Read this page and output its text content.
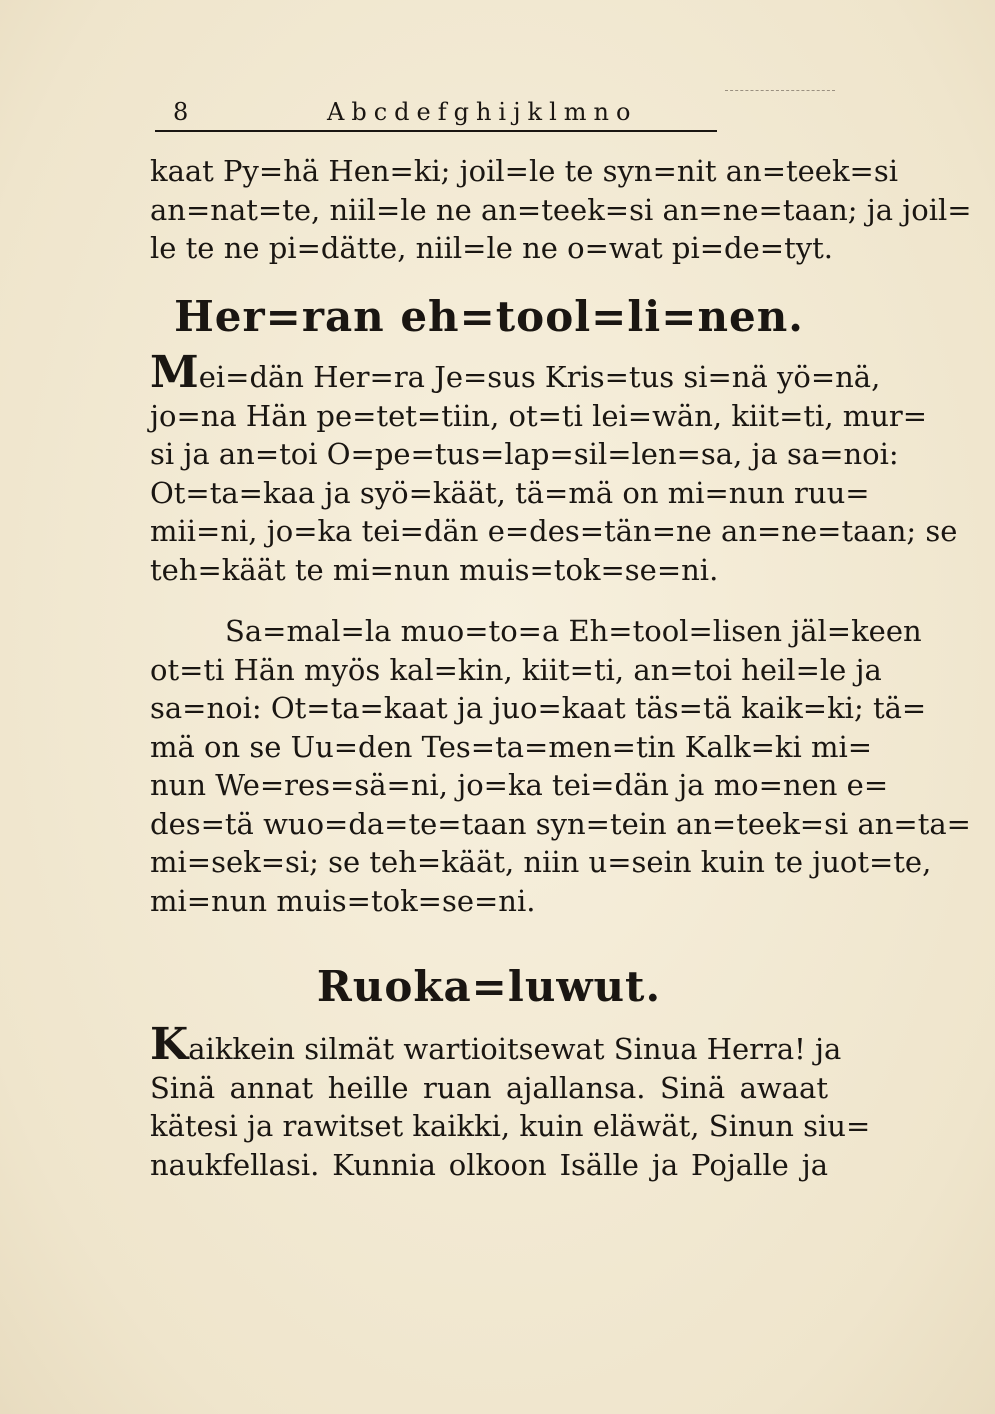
8	Abcdefghijklmno
kaat Py=hä Hen=ki; joil=le te syn=nit an=teek=si
an=nat=te, niil=le ne an=teek=si an=ne=taan; ja joil=
le te ne pi=dätte, niil=le ne o=wat pi=de=tyt.
Her=ran eh=tool=li=nen.
Mei=dän Her=ra Je=sus Kris=tus si=nä yö=nä,
jo=na Hän pe=tet=tiin, ot=ti lei=wän, kiit=ti, mur=
si ja an=toi O=pe=tus=lap=sil=len=sa, ja sa=noi:
Ot=ta=kaa ja syö=käät, tä=mä on mi=nun ruu=
mii=ni, jo=ka tei=dän e=des=tän=ne an=ne=taan; se
teh=käät te mi=nun muis=tok=se=ni.
Sa=mal=la muo=to=a Eh=tool=lisen jäl=keen
ot=ti Hän myös kal=kin, kiit=ti, an=toi heil=le ja
sa=noi: Ot=ta=kaat ja juo=kaat täs=tä kaik=ki; tä=
mä on se Uu=den Tes=ta=men=tin Kalk=ki mi=
nun We=res=sä=ni, jo=ka tei=dän ja mo=nen e=
des=tä wuo=da=te=taan syn=tein an=teek=si an=ta=
mi=sek=si; se teh=käät, niin u=sein kuin te juot=te,
mi=nun muis=tok=se=ni.
Ruoka=luwut.
Kaikkein silmät wartioitsewat Sinua Herra! ja
Sinä annat heille ruan ajallansa. Sinä awaat
kätesi ja rawitset kaikki, kuin eläwät, Sinun siu=
naukfellasi. Kunnia olkoon Isälle ja Pojalle ja
